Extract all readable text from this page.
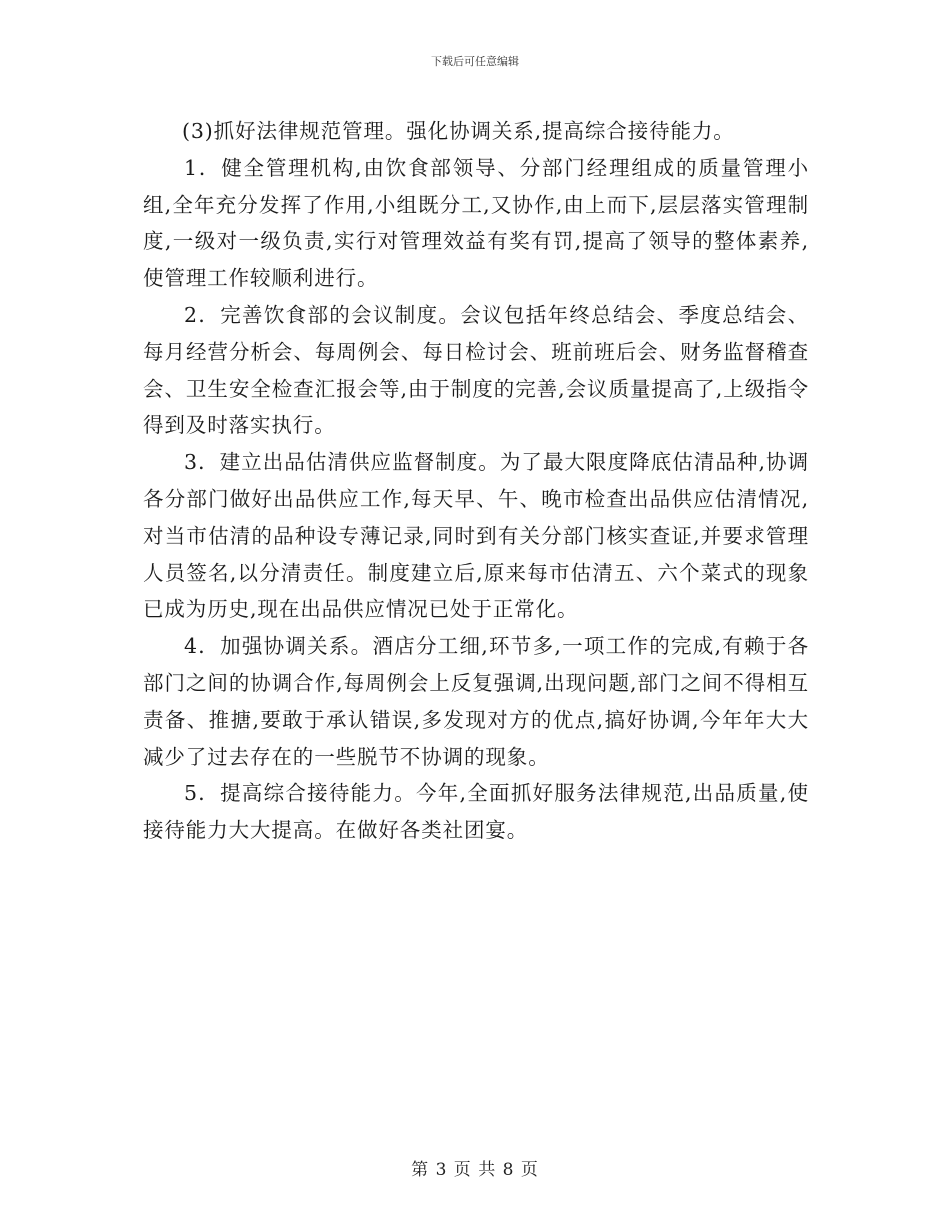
下载后可任意编辑

(3)抓好法律规范管理。强化协调关系,提高综合接待能力。

1．健全管理机构,由饮食部领导、分部门经理组成的质量管理小组,全年充分发挥了作用,小组既分工,又协作,由上而下,层层落实管理制度,一级对一级负责,实行对管理效益有奖有罚,提高了领导的整体素养,使管理工作较顺利进行。

2．完善饮食部的会议制度。会议包括年终总结会、季度总结会、每月经营分析会、每周例会、每日检讨会、班前班后会、财务监督稽查会、卫生安全检查汇报会等,由于制度的完善,会议质量提高了,上级指令得到及时落实执行。

3．建立出品估清供应监督制度。为了最大限度降底估清品种,协调各分部门做好出品供应工作,每天早、午、晚市检查出品供应估清情况,对当市估清的品种设专薄记录,同时到有关分部门核实查证,并要求管理人员签名,以分清责任。制度建立后,原来每市估清五、六个菜式的现象已成为历史,现在出品供应情况已处于正常化。

4．加强协调关系。酒店分工细,环节多,一项工作的完成,有赖于各部门之间的协调合作,每周例会上反复强调,出现问题,部门之间不得相互责备、推搪,要敢于承认错误,多发现对方的优点,搞好协调,今年年大大减少了过去存在的一些脱节不协调的现象。

5．提高综合接待能力。今年,全面抓好服务法律规范,出品质量,使接待能力大大提高。在做好各类社团宴。

第 3 页 共 8 页
